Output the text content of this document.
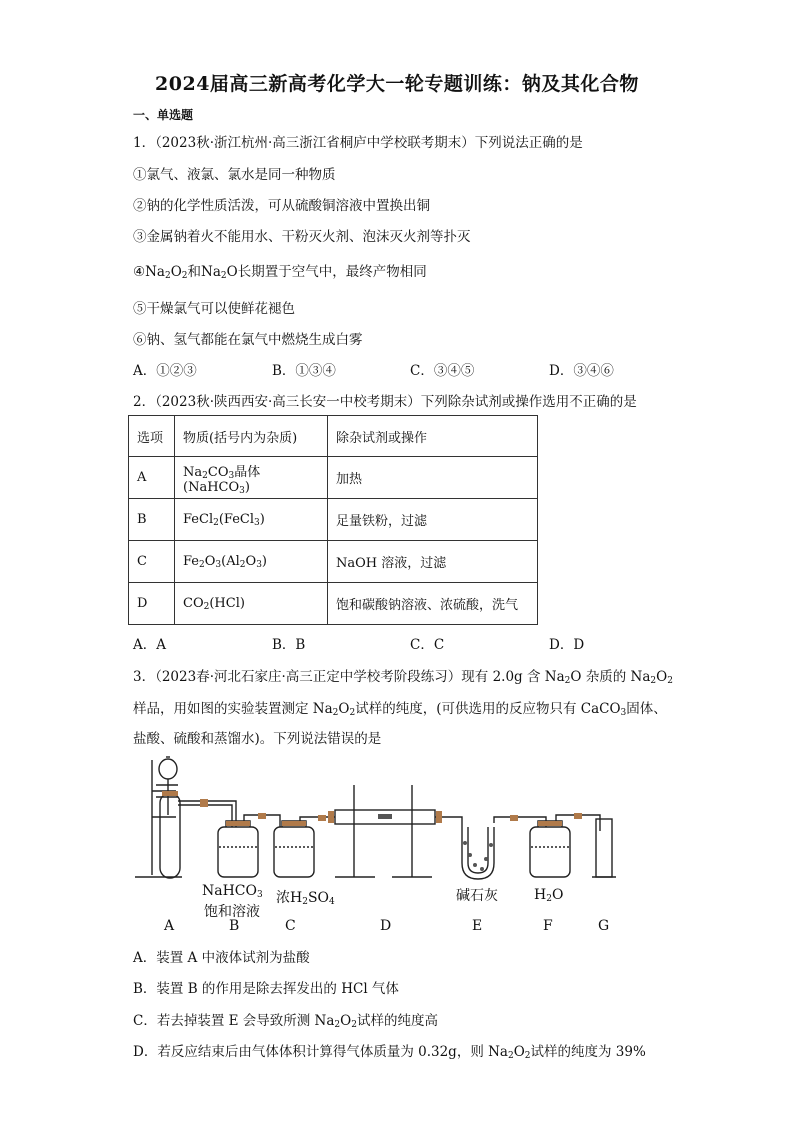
2024届高三新高考化学大一轮专题训练：钠及其化合物
一、单选题
1．（2023秋·浙江杭州·高三浙江省桐庐中学校联考期末）下列说法正确的是
①氯气、液氯、氯水是同一种物质
②钠的化学性质活泼，可从硫酸铜溶液中置换出铜
③金属钠着火不能用水、干粉灭火剂、泡沫灭火剂等扑灭
$④Na_2O_2$和$Na_2O$长期置于空气中，最终产物相同
⑤干燥氯气可以使鲜花褪色
⑥钠、氢气都能在氯气中燃烧生成白雾
A．①②③	B．①③④	C．③④⑤	D．③④⑥
2．（2023秋·陕西西安·高三长安一中校考期末）下列除杂试剂或操作选用不正确的是
选项	物质(括号内为杂质)	除杂试剂或操作
A	$Na_2CO_3$晶体(NaHCO$_3$)	加热
B	FeCl$_2$(FeCl$_3$)	足量铁粉，过滤
C	$Fe_2O_3(Al_2O_3)$	NaOH 溶液，过滤
D	$CO_2(HCl)$	饱和碳酸钠溶液、浓硫酸，洗气
A．A	B．B	C．C	D．D
3．（2023春·河北石家庄·高三正定中学校考阶段练习）现有 2.0g 含 $Na_2O$ 杂质的 $Na_2O_2$
样品，用如图的实验装置测定 $Na_2O_2$试样的纯度，(可供选用的反应物只有 CaCO$_3$固体、
盐酸、硫酸和蒸馏水)。下列说法错误的是
NaHCO$_3$
饱和溶液
浓$H_2SO_4$	碱石灰	$H_2O$
A	B	C	D	E	F	G
A．装置 A 中液体试剂为盐酸
B．装置 B 的作用是除去挥发出的 HCl 气体
C．若去掉装置 E 会导致所测 $Na_2O_2$试样的纯度高
D．若反应结束后由气体体积计算得气体质量为 0.32g，则 $Na_2O_2$试样的纯度为 39%
